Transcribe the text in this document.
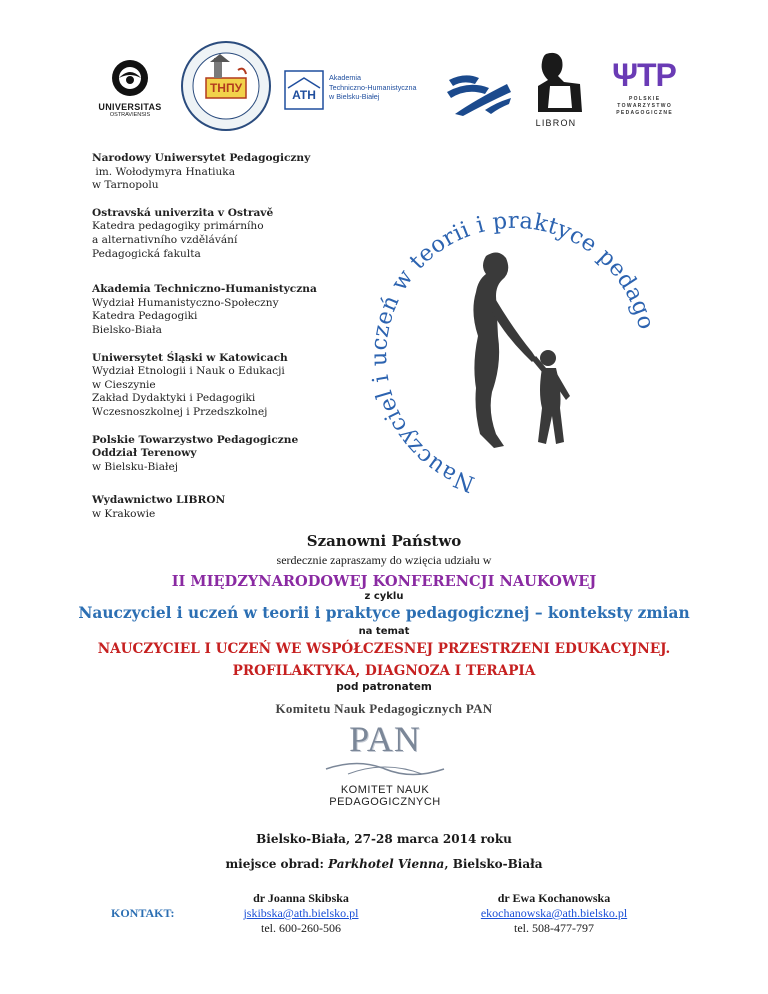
UNIVERSITAS
OSTRAVIENSIS
ТНПУ	ATH
Akademia
Techniczno-Humanistyczna
w Bielsku-Białej
LIBRON
ΨTP
P O L S K I E
T O W A R Z Y S T W O
P E D A G O G I C Z N E
Narodowy Uniwersytet Pedagogiczny
im. Wołodymyra Hnatiuka
w Tarnopolu
Ostravská univerzita v Ostravě
Katedra pedagogiky primárního
a alternativního vzdělávání
Pedagogická fakulta
Akademia Techniczno-Humanistyczna
Wydział Humanistyczno-Społeczny
Katedra Pedagogiki
Bielsko-Biała
Uniwersytet Śląski w Katowicach
Wydział Etnologii i Nauk o Edukacji
w Cieszynie
Zakład Dydaktyki i Pedagogiki
Wczesnoszkolnej i Przedszkolnej
Polskie Towarzystwo Pedagogiczne
Oddział Terenowy
w Bielsku-Białej
Wydawnictwo LIBRON
w Krakowie
Nauczyciel i uczeń w teorii i praktyce pedago
Szanowni Państwo
serdecznie zapraszamy do wzięcia udziału w
II MIĘDZYNARODOWEJ KONFERENCJI NAUKOWEJ
z cyklu
Nauczyciel i uczeń w teorii i praktyce pedagogicznej – konteksty zmian
na temat
NAUCZYCIEL I UCZEŃ WE WSPÓŁCZESNEJ PRZESTRZENI EDUKACYJNEJ.
PROFILAKTYKA, DIAGNOZA I TERAPIA
pod patronatem
Komitetu Nauk Pedagogicznych PAN
PAN
KOMITET NAUK
PEDAGOGICZNYCH
Bielsko-Biała, 27-28 marca 2014 roku
miejsce obrad: Parkhotel Vienna, Bielsko-Biała
KONTAKT:
dr Joanna Skibska
jskibska@ath.bielsko.pl
tel. 600-260-506
dr Ewa Kochanowska
ekochanowska@ath.bielsko.pl
tel. 508-477-797
